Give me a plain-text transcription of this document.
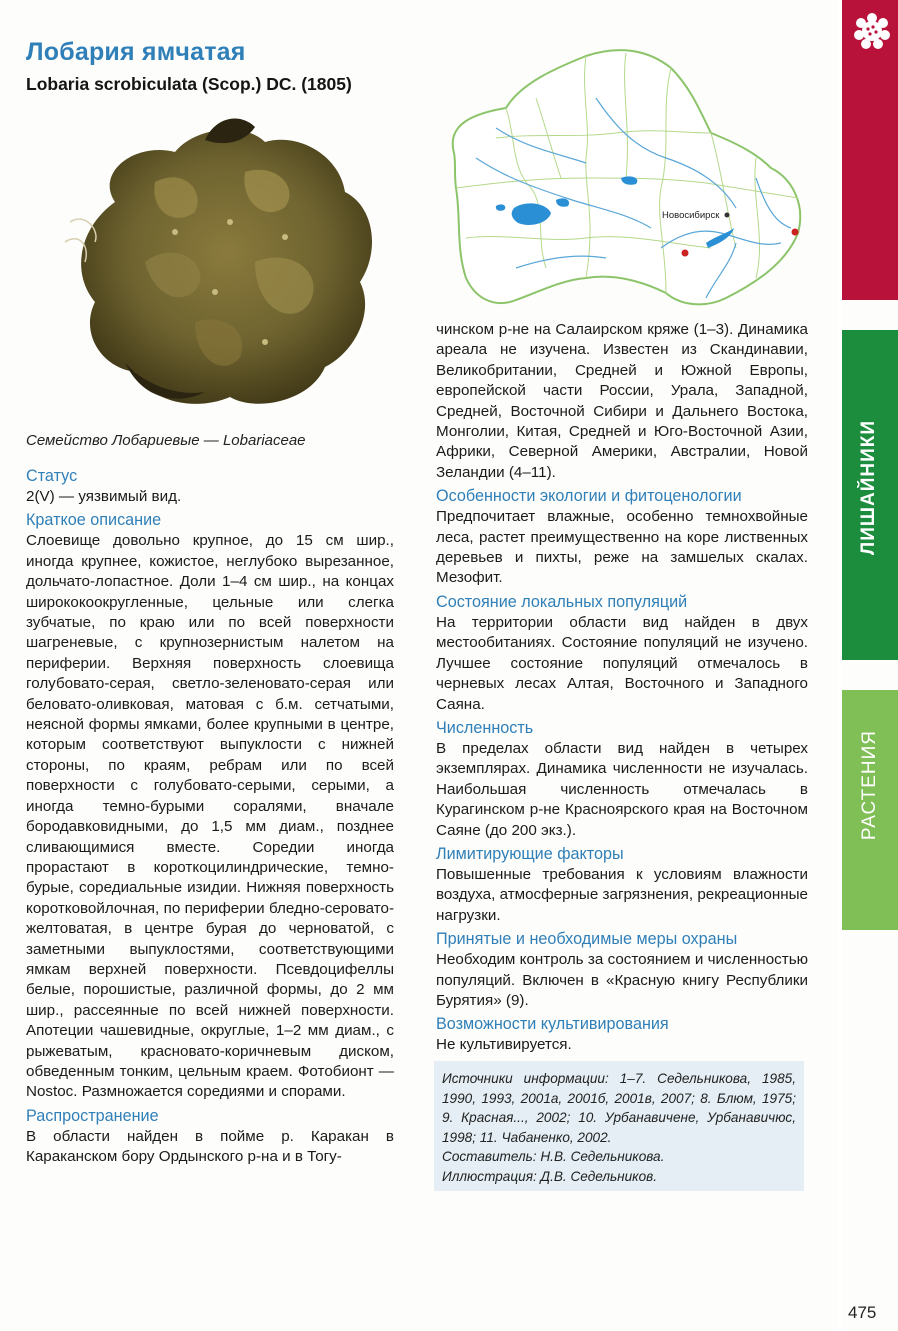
Лобария ямчатая
Lobaria scrobiculata (Scop.) DC. (1805)
Семейство Лобариевые — Lobariaceae
Новосибирск
Статус
2(V) — уязвимый вид.
Краткое описание
Слоевище довольно крупное, до 15 см шир., иногда крупнее, кожистое, неглубоко вырезанное, дольчато-лопастное. Доли 1–4 см шир., на концах ширококоокругленные, цельные или слегка зубчатые, по краю или по всей поверхности шагреневые, с крупнозернистым налетом на периферии. Верхняя поверхность слоевища голубовато-серая, светло-зеленовато-серая или беловато-оливковая, матовая с б.м. сетчатыми, неясной формы ямками, более крупными в центре, которым соответствуют выпуклости с нижней стороны, по краям, ребрам или по всей поверхности с голубовато-серыми, серыми, а иногда темно-бурыми соралями, вначале бородавковидными, до 1,5 мм диам., позднее сливающимися вместе. Соредии иногда прорастают в короткоцилиндрические, темно-бурые, соредиальные изидии. Нижняя поверхность коротковойлочная, по периферии бледно-серовато-желтоватая, в центре бурая до черноватой, с заметными выпуклостями, соответствующими ямкам верхней поверхности. Псевдоцифеллы белые, порошистые, различной формы, до 2 мм шир., рассеянные по всей нижней поверхности. Апотеции чашевидные, округлые, 1–2 мм диам., с рыжеватым, красновато-коричневым диском, обведенным тонким, цельным краем. Фотобионт — Nostoc. Размножается соредиями и спорами.
Распространение
В области найден в пойме р. Каракан в Караканском бору Ордынского р-на и в Тогу-
чинском р-не на Салаирском кряже (1–3). Динамика ареала не изучена. Известен из Скандинавии, Великобритании, Средней и Южной Европы, европейской части России, Урала, Западной, Средней, Восточной Сибири и Дальнего Востока, Монголии, Китая, Средней и Юго-Восточной Азии, Африки, Северной Америки, Австралии, Новой Зеландии (4–11).
Особенности экологии и фитоценологии
Предпочитает влажные, особенно темнохвойные леса, растет преимущественно на коре лиственных деревьев и пихты, реже на замшелых скалах. Мезофит.
Состояние локальных популяций
На территории области вид найден в двух местообитаниях. Состояние популяций не изучено. Лучшее состояние популяций отмечалось в черневых лесах Алтая, Восточного и Западного Саяна.
Численность
В пределах области вид найден в четырех экземплярах. Динамика численности не изучалась. Наибольшая численность отмечалась в Курагинском р-не Красноярского края на Восточном Саяне (до 200 экз.).
Лимитирующие факторы
Повышенные требования к условиям влажности воздуха, атмосферные загрязнения, рекреационные нагрузки.
Принятые и необходимые меры охраны
Необходим контроль за состоянием и численностью популяций. Включен в «Красную книгу Республики Бурятия» (9).
Возможности культивирования
Не культивируется.
Источники информации: 1–7. Седельникова, 1985, 1990, 1993, 2001а, 2001б, 2001в, 2007; 8. Блюм, 1975; 9. Красная..., 2002; 10. Урбанавичене, Урбанавичюс, 1998; 11. Чабаненко, 2002.
Составитель: Н.В. Седельникова.
Иллюстрация: Д.В. Седельников.
ЛИШАЙНИКИ
РАСТЕНИЯ
475
